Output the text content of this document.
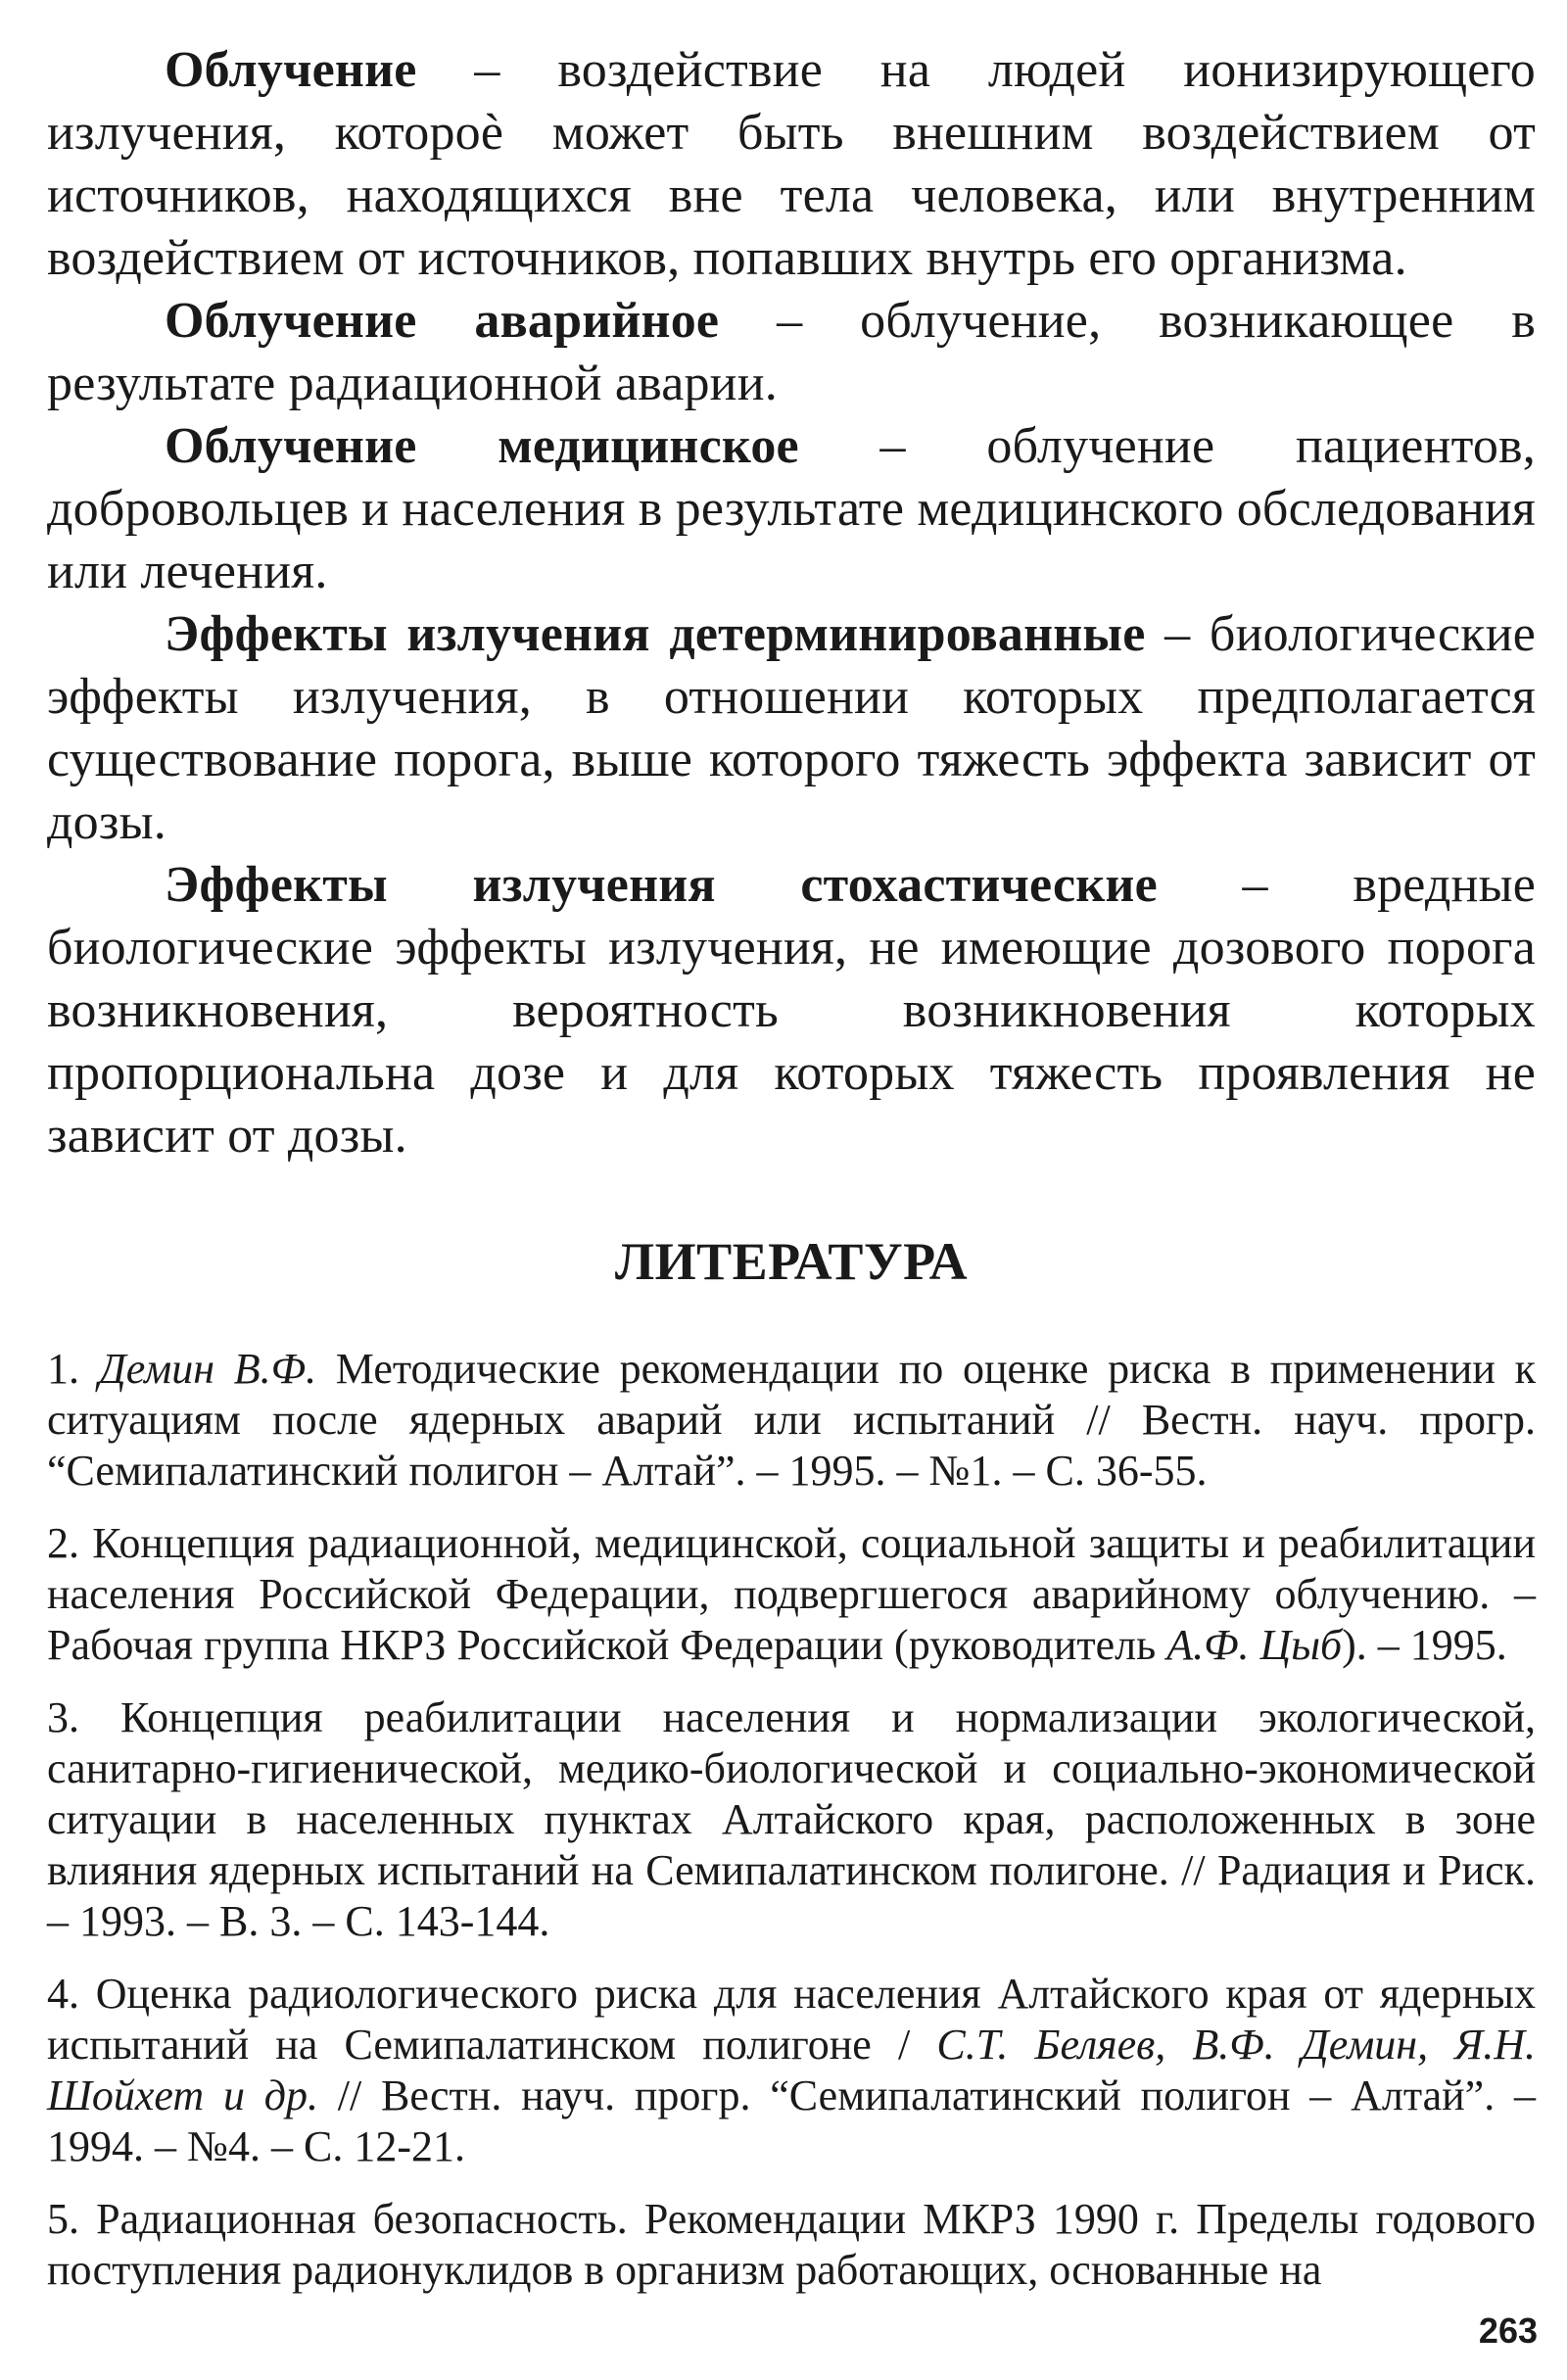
Облучение – воздействие на людей ионизирующего излучения, котороѐ может быть внешним воздействием от источников, находящихся вне тела человека, или внутренним воздействием от источников, попавших внутрь его организма.

Облучение аварийное – облучение, возникающее в результате радиационной аварии.

Облучение медицинское – облучение пациентов, добровольцев и населения в результате медицинского обследования или лечения.

Эффекты излучения детерминированные – биологические эффекты излучения, в отношении которых предполагается существование порога, выше которого тяжесть эффекта зависит от дозы.

Эффекты излучения стохастические – вредные биологические эффекты излучения, не имеющие дозового порога возникновения, вероятность возникновения которых пропорциональна дозе и для которых тяжесть проявления не зависит от дозы.

ЛИТЕРАТУРА
1. Демин В.Ф. Методические рекомендации по оценке риска в применении к ситуациям после ядерных аварий или испытаний // Вестн. науч. прогр. “Семипалатинский полигон – Алтай”. – 1995. – №1. – С. 36-55.
2. Концепция радиационной, медицинской, социальной защиты и реабилитации населения Российской Федерации, подвергшегося аварийному облучению. – Рабочая группа НКРЗ Российской Федерации (руководитель А.Ф. Цыб). – 1995.
3. Концепция реабилитации населения и нормализации экологической, санитарно-гигиенической, медико-биологической и социально-экономической ситуации в населенных пунктах Алтайского края, расположенных в зоне влияния ядерных испытаний на Семипалатинском полигоне. // Радиация и Риск. – 1993. – В. 3. – С. 143-144.
4. Оценка радиологического риска для населения Алтайского края от ядерных испытаний на Семипалатинском полигоне / С.Т. Беляев, В.Ф. Демин, Я.Н. Шойхет и др. // Вестн. науч. прогр. “Семипалатинский полигон – Алтай”. –1994. – №4. – С. 12-21.
5. Радиационная безопасность. Рекомендации МКРЗ 1990 г. Пределы годового поступления радионуклидов в организм работающих, основанные на
263
